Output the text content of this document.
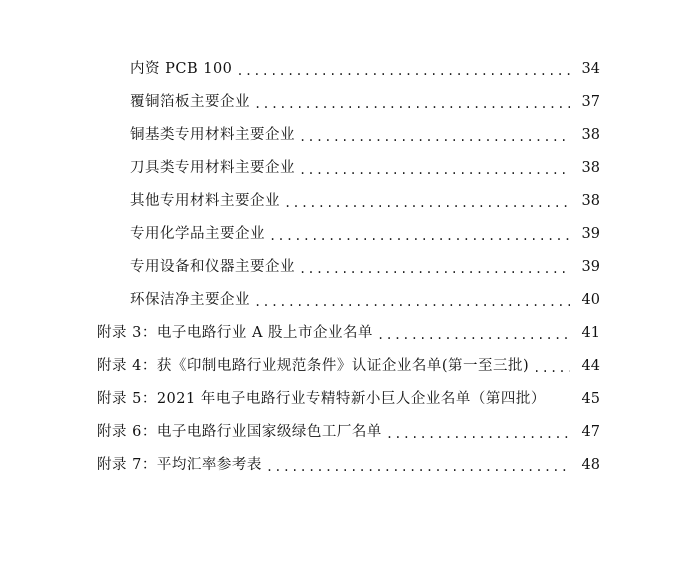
内资 PCB 100 .....	34
覆铜箔板主要企业 .....	37
铜基类专用材料主要企业 .....	38
刀具类专用材料主要企业 .....	38
其他专用材料主要企业 .....	38
专用化学品主要企业 .....	39
专用设备和仪器主要企业 .....	39
环保洁净主要企业 .....	40
附录 3：电子电路行业 A 股上市企业名单 .....	41
附录 4：获《印制电路行业规范条件》认证企业名单(第一至三批) .....	44
附录 5：2021 年电子电路行业专精特新小巨人企业名单（第四批）	45
附录 6：电子电路行业国家级绿色工厂名单 .....	47
附录 7：平均汇率参考表 .....	48
